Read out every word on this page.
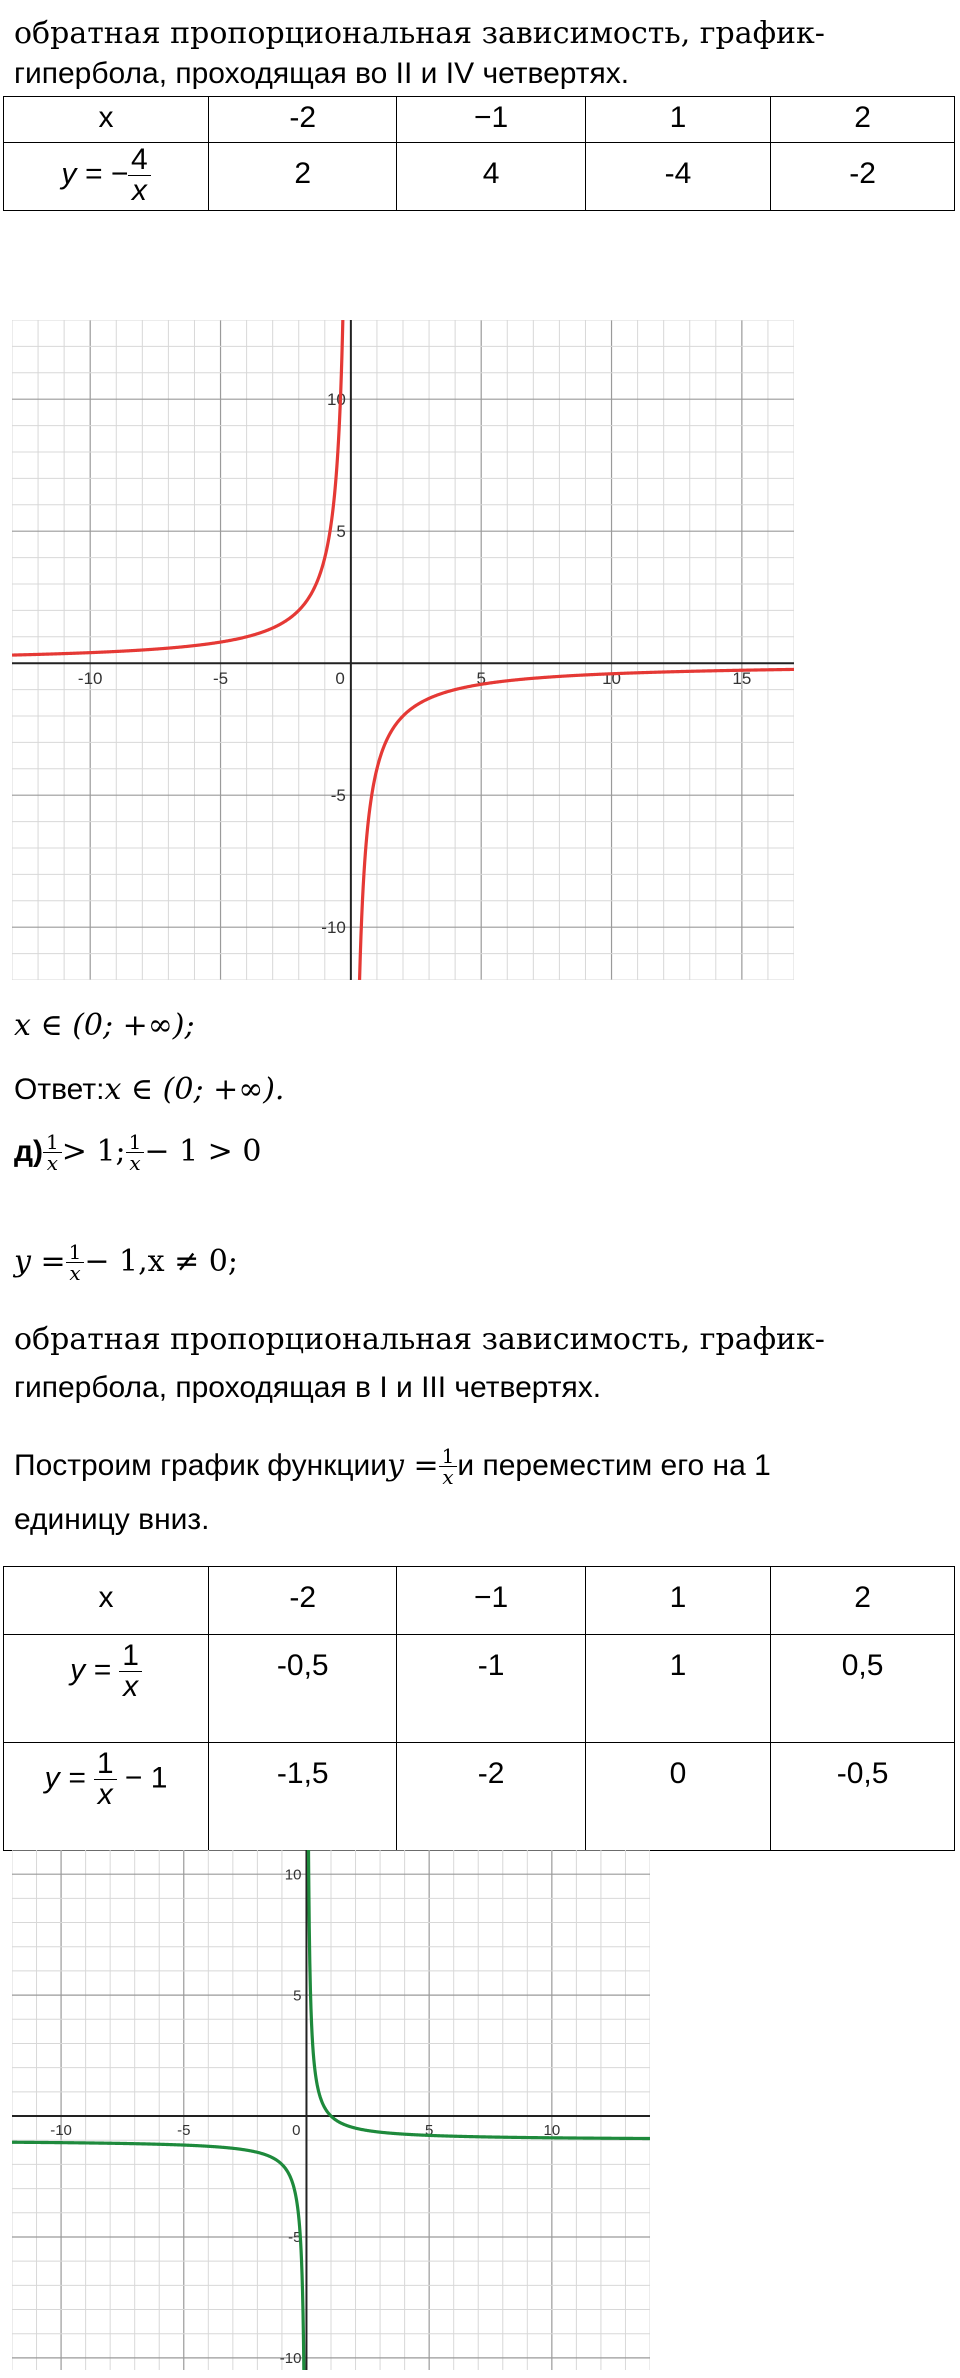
обратная пропорциональная зависимость, график-
гипербола, проходящая во II и IV четвертях.
x	-2	−1	1	2
y = − $\frac{4}{x}$	2	4	-4	-2
-10	-5	0	5	10	15
10
5
-5
-10
x ∈ (0; +∞);
Ответ:x ∈ (0; +∞).
$д) \frac{1}{x} > 1$; $\frac{1}{x} - 1 > 0$
$y = \frac{1}{x} - 1,x \ne 0$;
обратная пропорциональная зависимость, график-
гипербола, проходящая в I и III четвертях.
Построим график функции $y = \frac{1}{x}$ и переместим его на 1
единицу вниз.
x	-2	−1	1	2
$y = \frac{1}{x}$	-0,5	-1	1	0,5
$y = \frac{1}{x} - 1$	-1,5	-2	0	-0,5
-10	-5	0	5	10
10
5
-5
-10
